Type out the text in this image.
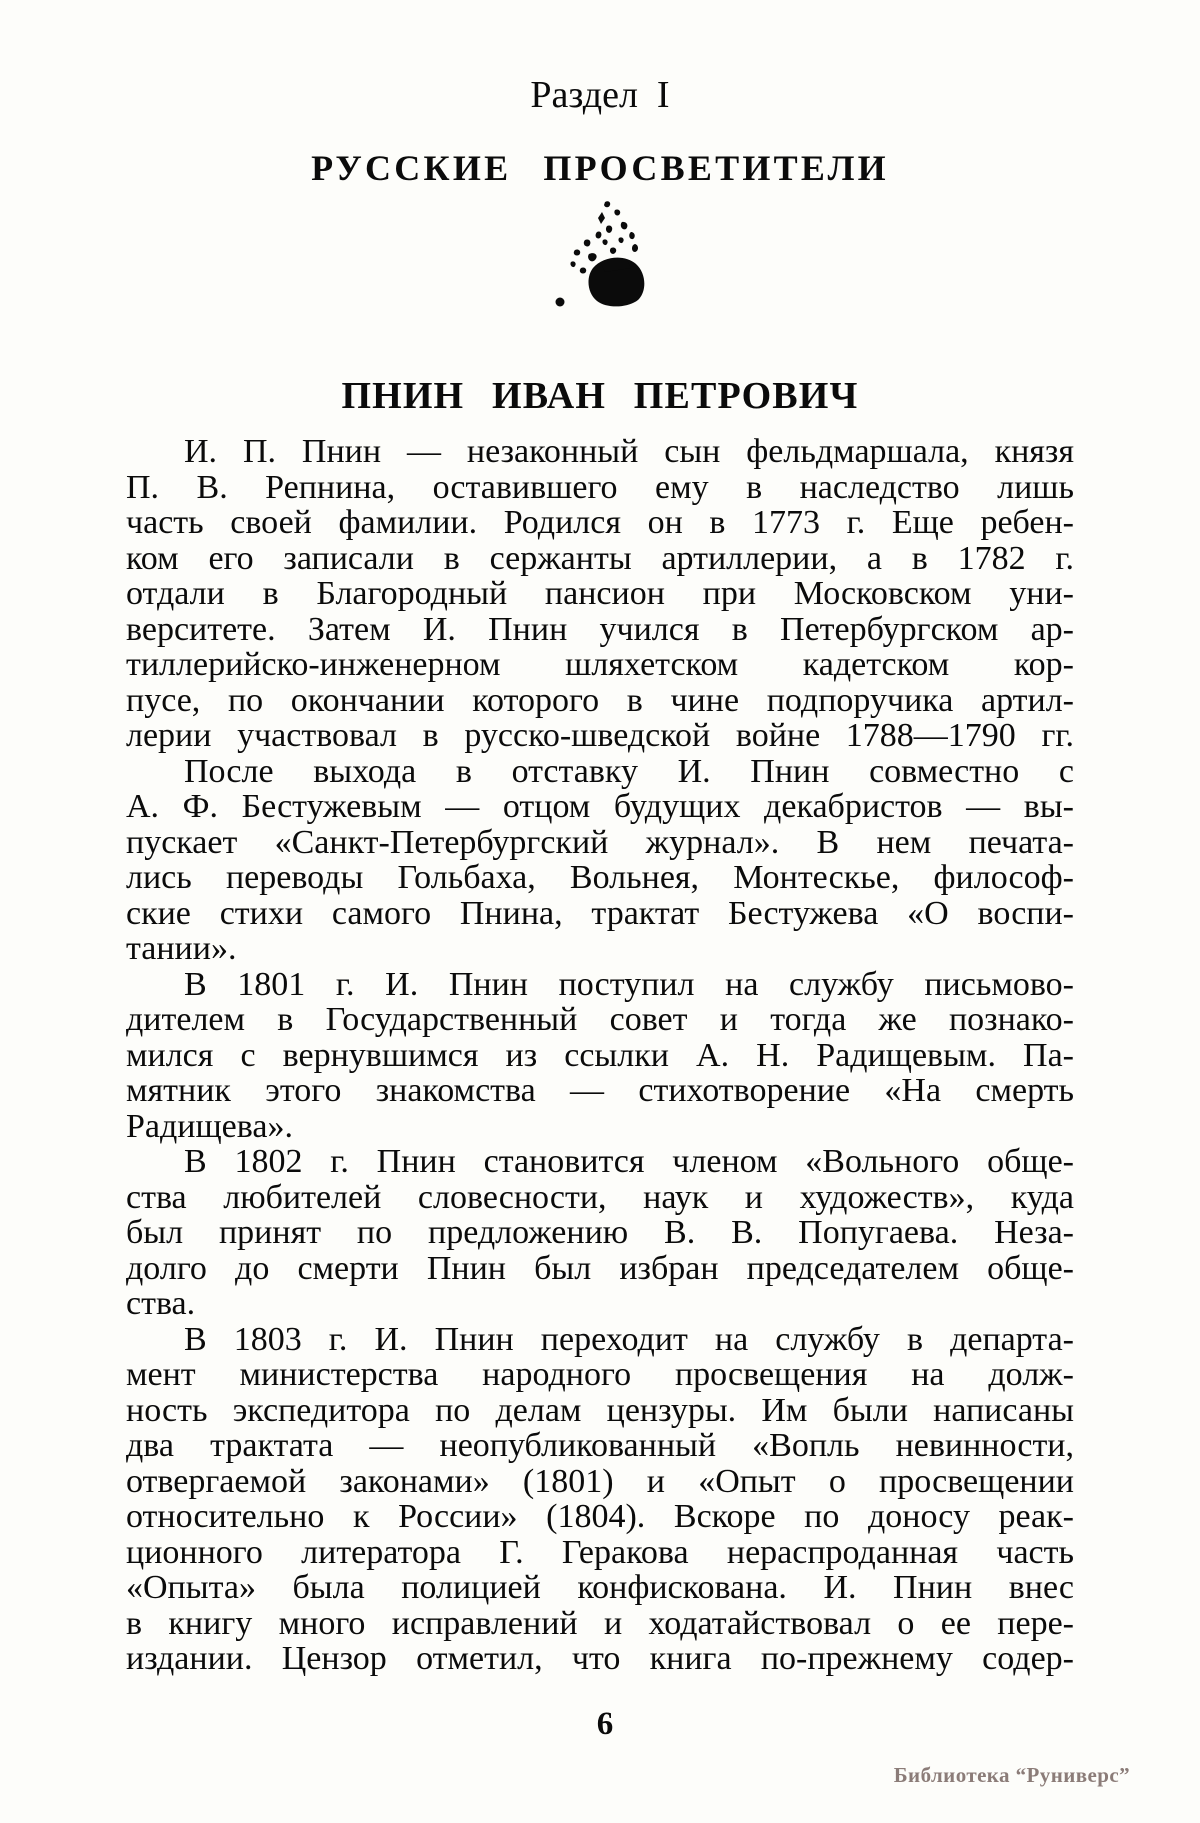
Раздел I
РУССКИЕ ПРОСВЕТИТЕЛИ
ПНИН ИВАН ПЕТРОВИЧ
И. П. Пнин — незаконный сын фельдмаршала, князя
П. В. Репнина, оставившего ему в наследство лишь
часть своей фамилии. Родился он в 1773 г. Еще ребен-
ком его записали в сержанты артиллерии, а в 1782 г.
отдали в Благородный пансион при Московском уни-
верситете. Затем И. Пнин учился в Петербургском ар-
тиллерийско-инженерном шляхетском кадетском кор-
пусе, по окончании которого в чине подпоручика артил-
лерии участвовал в русско-шведской войне 1788—1790 гг.
После выхода в отставку И. Пнин совместно с
А. Ф. Бестужевым — отцом будущих декабристов — вы-
пускает «Санкт-Петербургский журнал». В нем печата-
лись переводы Гольбаха, Вольнея, Монтескье, философ-
ские стихи самого Пнина, трактат Бестужева «О воспи-
тании».
В 1801 г. И. Пнин поступил на службу письмово-
дителем в Государственный совет и тогда же познако-
мился с вернувшимся из ссылки А. Н. Радищевым. Па-
мятник этого знакомства — стихотворение «На смерть
Радищева».
В 1802 г. Пнин становится членом «Вольного обще-
ства любителей словесности, наук и художеств», куда
был принят по предложению В. В. Попугаева. Неза-
долго до смерти Пнин был избран председателем обще-
ства.
В 1803 г. И. Пнин переходит на службу в департа-
мент министерства народного просвещения на долж-
ность экспедитора по делам цензуры. Им были написаны
два трактата — неопубликованный «Вопль невинности,
отвергаемой законами» (1801) и «Опыт о просвещении
относительно к России» (1804). Вскоре по доносу реак-
ционного литератора Г. Геракова нераспроданная часть
«Опыта» была полицией конфискована. И. Пнин внес
в книгу много исправлений и ходатайствовал о ее пере-
издании. Цензор отметил, что книга по-прежнему содер-
6
Библиотека “Руниверс”
